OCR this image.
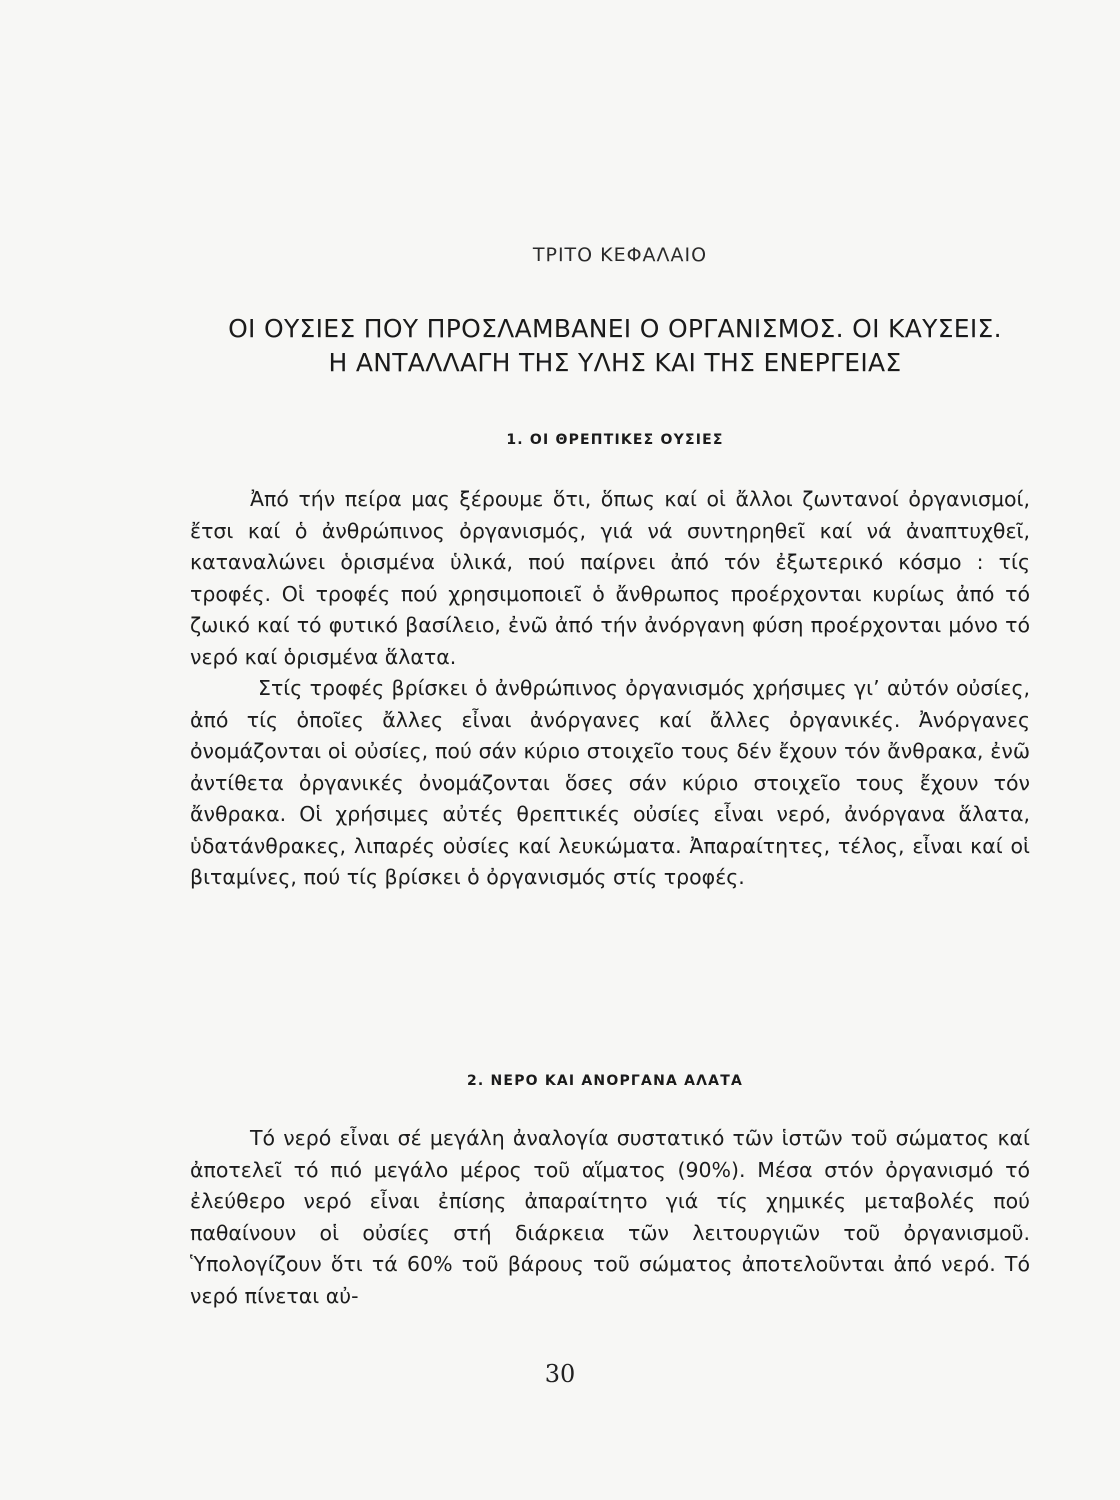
ΤΡΙΤΟ ΚΕΦΑΛΑΙΟ
ΟΙ ΟΥΣΙΕΣ ΠΟΥ ΠΡΟΣΛΑΜΒΑΝΕΙ Ο ΟΡΓΑΝΙΣΜΟΣ. ΟΙ ΚΑΥΣΕΙΣ.
Η ΑΝΤΑΛΛΑΓΗ ΤΗΣ ΥΛΗΣ ΚΑΙ ΤΗΣ ΕΝΕΡΓΕΙΑΣ
1. ΟΙ ΘΡΕΠΤΙΚΕΣ ΟΥΣΙΕΣ

Ἀπό τήν πείρα μας ξέρουμε ὅτι, ὅπως καί οἱ ἄλλοι ζωντανοί ὀργανισμοί, ἔτσι καί ὁ ἀνθρώπινος ὀργανισμός, γιά νά συντηρηθεῖ καί νά ἀναπτυχθεῖ, καταναλώνει ὁρισμένα ὑλικά, πού παίρνει ἀπό τόν ἐξωτερικό κόσμο : τίς τροφές. Οἱ τροφές πού χρησιμοποιεῖ ὁ ἄνθρωπος προέρχονται κυρίως ἀπό τό ζωικό καί τό φυτικό βασίλειο, ἐνῶ ἀπό τήν ἀνόργανη φύση προέρχονται μόνο τό νερό καί ὁρισμένα ἅλατα.

Στίς τροφές βρίσκει ὁ ἀνθρώπινος ὀργανισμός χρήσιμες γι’ αὐτόν οὐσίες, ἀπό τίς ὁποῖες ἄλλες εἶναι ἀνόργανες καί ἄλλες ὀργανικές. Ἀνόργανες ὀνομάζονται οἱ οὐσίες, πού σάν κύριο στοιχεῖο τους δέν ἔχουν τόν ἄνθρακα, ἐνῶ ἀντίθετα ὀργανικές ὀνομάζονται ὅσες σάν κύριο στοιχεῖο τους ἔχουν τόν ἄνθρακα. Οἱ χρήσιμες αὐτές θρεπτικές οὐσίες εἶναι νερό, ἀνόργανα ἅλατα, ὑδατάνθρακες, λιπαρές οὐσίες καί λευκώματα. Ἀπαραίτητες, τέλος, εἶναι καί οἱ βιταμίνες, πού τίς βρίσκει ὁ ὀργανισμός στίς τροφές.

2. ΝΕΡΟ ΚΑΙ ΑΝΟΡΓΑΝΑ ΑΛΑΤΑ

Τό νερό εἶναι σέ μεγάλη ἀναλογία συστατικό τῶν ἱστῶν τοῦ σώματος καί ἀποτελεῖ τό πιό μεγάλο μέρος τοῦ αἵματος (90%). Μέσα στόν ὀργανισμό τό ἐλεύθερο νερό εἶναι ἐπίσης ἀπαραίτητο γιά τίς χημικές μεταβολές πού παθαίνουν οἱ οὐσίες στή διάρκεια τῶν λειτουργιῶν τοῦ ὀργανισμοῦ. Ὑπολογίζουν ὅτι τά 60% τοῦ βάρους τοῦ σώματος ἀποτελοῦνται ἀπό νερό. Τό νερό πίνεται αὐ-

30
